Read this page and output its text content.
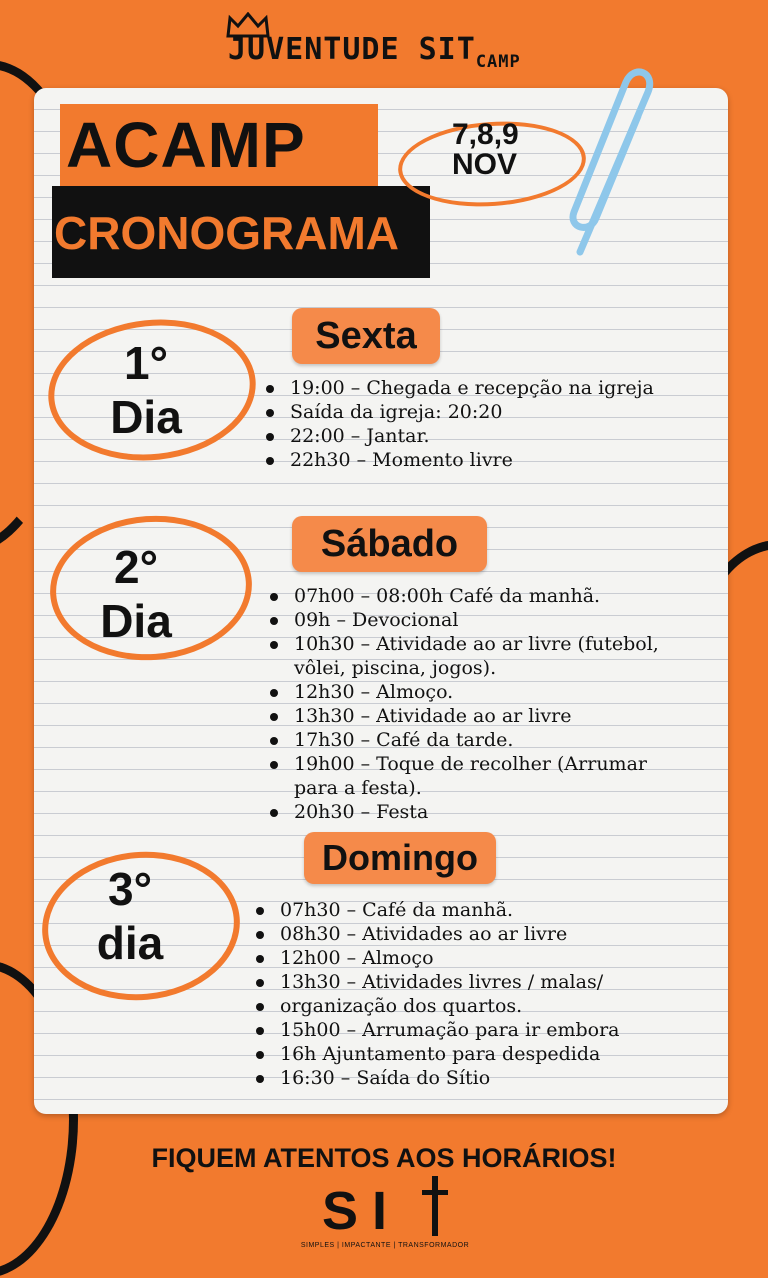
JUVENTUDE $SIT_{CAMP}$
ACAMP
CRONOGRAMA
7,8,9
NOV
Sexta
1°
Dia
19:00 – Chegada e recepção na igreja
Saída da igreja: 20:20
22:00 – Jantar.
22h30 – Momento livre
Sábado
2°
Dia	07h00 – 08:00h Café da manhã.
09h – Devocional
10h30 – Atividade ao ar livre (futebol, vôlei, piscina, jogos).
12h30 – Almoço.
13h30 – Atividade ao ar livre
17h30 – Café da tarde.
19h00 – Toque de recolher (Arrumar para a festa).
20h30 – Festa
Domingo
3°
dia
07h30 – Café da manhã.
08h30 – Atividades ao ar livre
12h00 – Almoço
13h30 – Atividades livres / malas/
organização dos quartos.
15h00 – Arrumação para ir embora
16h Ajuntamento para despedida
16:30 – Saída do Sítio
FIQUEM ATENTOS AOS HORÁRIOS!
SI
SIMPLES | IMPACTANTE | TRANSFORMADOR
